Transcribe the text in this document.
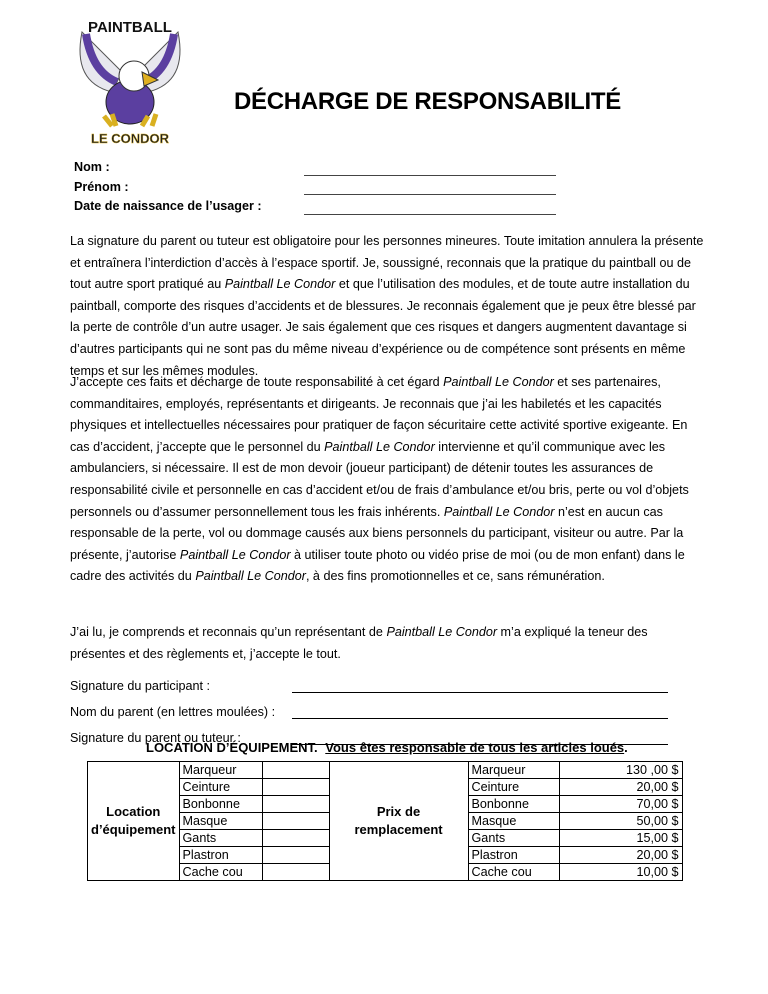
PAINTBALL
LE CONDOR
DÉCHARGE DE RESPONSABILITÉ
Nom :
Prénom :
Date de naissance de l’usager :
La signature du parent ou tuteur est obligatoire pour les personnes mineures. Toute imitation annulera la présente et entraînera l’interdiction d’accès à l’espace sportif. Je, soussigné, reconnais que la pratique du paintball ou de tout autre sport pratiqué au Paintball Le Condor et que l’utilisation des modules, et de toute autre installation du paintball, comporte des risques d’accidents et de blessures. Je reconnais également que je peux être blessé par la perte de contrôle d’un autre usager. Je sais également que ces risques et dangers augmentent davantage si d’autres participants qui ne sont pas du même niveau d’expérience ou de compétence sont présents en même temps et sur les mêmes modules.
J’accepte ces faits et décharge de toute responsabilité à cet égard Paintball Le Condor et ses partenaires, commanditaires, employés, représentants et dirigeants. Je reconnais que j’ai les habiletés et les capacités physiques et intellectuelles nécessaires pour pratiquer de façon sécuritaire cette activité sportive exigeante. En cas d’accident, j’accepte que le personnel du Paintball Le Condor intervienne et qu’il communique avec les ambulanciers, si nécessaire. Il est de mon devoir (joueur participant) de détenir toutes les assurances de responsabilité civile et personnelle en cas d’accident et/ou de frais d’ambulance et/ou bris, perte ou vol d’objets personnels ou d’assumer personnellement tous les frais inhérents. Paintball Le Condor n’est en aucun cas responsable de la perte, vol ou dommage causés aux biens personnels du participant, visiteur ou autre. Par la présente, j’autorise Paintball Le Condor à utiliser toute photo ou vidéo prise de moi (ou de mon enfant) dans le cadre des activités du Paintball Le Condor, à des fins promotionnelles et ce, sans rémunération.
J’ai lu, je comprends et reconnais qu’un représentant de Paintball Le Condor m’a expliqué la teneur des présentes et des règlements et, j’accepte le tout.
Signature du participant :
Nom du parent (en lettres moulées) :
Signature du parent ou tuteur :
LOCATION D’ÉQUIPEMENT. Vous êtes responsable de tous les articles loués.
Location d’équipement	Marqueur		Prix de remplacement	Marqueur	130 ,00 $
	Ceinture			Ceinture	20,00 $
	Bonbonne			Bonbonne	70,00 $
	Masque			Masque	50,00 $
	Gants			Gants	15,00 $
	Plastron			Plastron	20,00 $
	Cache cou			Cache cou	10,00 $
